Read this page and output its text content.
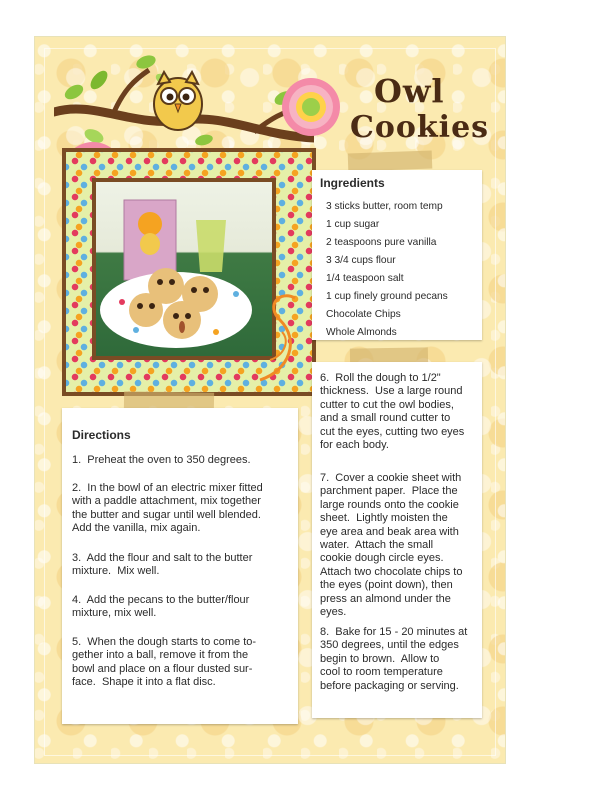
Owl
Cookies
Ingredients
3 sticks butter, room temp
1 cup sugar
2 teaspoons pure vanilla
3 3/4 cups flour
1/4 teaspoon salt
1 cup finely ground pecans
Chocolate Chips
Whole Almonds
Directions

1.  Preheat the oven to 350 degrees.

2.  In the bowl of an electric mixer fitted
with a paddle attachment, mix together
the butter and sugar until well blended.
Add the vanilla, mix again.

3.  Add the flour and salt to the butter
mixture.  Mix well.

4.  Add the pecans to the butter/flour
mixture, mix well.

5.  When the dough starts to come to-
gether into a ball, remove it from the
bowl and place on a flour dusted sur-
face.  Shape it into a flat disc.

6.  Roll the dough to 1/2"
thickness.  Use a large round
cutter to cut the owl bodies,
and a small round cutter to
cut the eyes, cutting two eyes
for each body.

7.  Cover a cookie sheet with
parchment paper.  Place the
large rounds onto the cookie
sheet.  Lightly moisten the
eye area and beak area with
water.  Attach the small
cookie dough circle eyes.
Attach two chocolate chips to
the eyes (point down), then
press an almond under the
eyes.

8.  Bake for 15 - 20 minutes at
350 degrees, until the edges
begin to brown.  Allow to
cool to room temperature
before packaging or serving.
